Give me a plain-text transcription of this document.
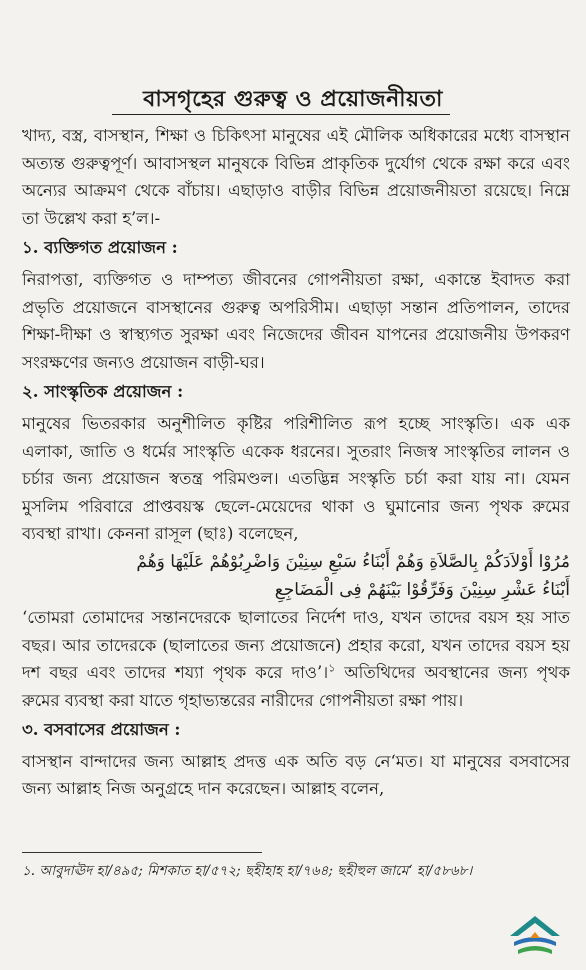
বাসগৃহের গুরুত্ব ও প্রয়োজনীয়তা

খাদ্য, বস্ত্র, বাসস্থান, শিক্ষা ও চিকিৎসা মানুষের এই মৌলিক অধিকারের মধ্যে বাসস্থান অত্যন্ত গুরুত্বপূর্ণ। আবাসস্থল মানুষকে বিভিন্ন প্রাকৃতিক দুর্যোগ থেকে রক্ষা করে এবং অন্যের আক্রমণ থেকে বাঁচায়। এছাড়াও বাড়ীর বিভিন্ন প্রয়োজনীয়তা রয়েছে। নিম্নে তা উল্লেখ করা হ’ল।-

১. ব্যক্তিগত প্রয়োজন :

নিরাপত্তা, ব্যক্তিগত ও দাম্পত্য জীবনের গোপনীয়তা রক্ষা, একান্তে ইবাদত করা প্রভৃতি প্রয়োজনে বাসস্থানের গুরুত্ব অপরিসীম। এছাড়া সন্তান প্রতিপালন, তাদের শিক্ষা-দীক্ষা ও স্বাস্থ্যগত সুরক্ষা এবং নিজেদের জীবন যাপনের প্রয়োজনীয় উপকরণ সংরক্ষণের জন্যও প্রয়োজন বাড়ী-ঘর।

২. সাংস্কৃতিক প্রয়োজন :

মানুষের ভিতরকার অনুশীলিত কৃষ্টির পরিশীলিত রূপ হচ্ছে সাংস্কৃতি। এক এক এলাকা, জাতি ও ধর্মের সাংস্কৃতি একেক ধরনের। সুতরাং নিজস্ব সাংস্কৃতির লালন ও চর্চার জন্য প্রয়োজন স্বতন্ত্র পরিমণ্ডল। এতদ্ভিন্ন সংস্কৃতি চর্চা করা যায় না। যেমন মুসলিম পরিবারে প্রাপ্তবয়স্ক ছেলে-মেয়েদের থাকা ও ঘুমানোর জন্য পৃথক রুমের ব্যবস্থা রাখা। কেননা রাসূল (ছাঃ) বলেছেন,

مُرُوْا أَوْلاَدَكُمْ بِالصَّلاَةِ وَهُمْ أَبْنَاءُ سَبْعِ سِنِيْنَ وَاضْرِبُوْهُمْ عَلَيْهَا وَهُمْ

أَبْنَاءُ عَشْرِ سِنِيْنَ وَفَرِّقُوْا بَيْنَهُمْ فِى الْمَضَاجِعِ

‘তোমরা তোমাদের সন্তানদেরকে ছালাতের নির্দেশ দাও, যখন তাদের বয়স হয় সাত বছর। আর তাদেরকে (ছালাতের জন্য প্রয়োজনে) প্রহার করো, যখন তাদের বয়স হয় দশ বছর এবং তাদের শয্যা পৃথক করে দাও’।$^১$ অতিথিদের অবস্থানের জন্য পৃথক রুমের ব্যবস্থা করা যাতে গৃহাভ্যন্তরের নারীদের গোপনীয়তা রক্ষা পায়।

৩. বসবাসের প্রয়োজন :

বাসস্থান বান্দাদের জন্য আল্লাহ প্রদত্ত এক অতি বড় নে‘মত। যা মানুষের বসবাসের জন্য আল্লাহ নিজ অনুগ্রহে দান করেছেন। আল্লাহ বলেন,

১. আবুদাঊদ হা/৪৯৫; মিশকাত হা/৫৭২; ছহীহাহ হা/৭৬৪; ছহীহুল জামে‘ হা/৫৮৬৮।
